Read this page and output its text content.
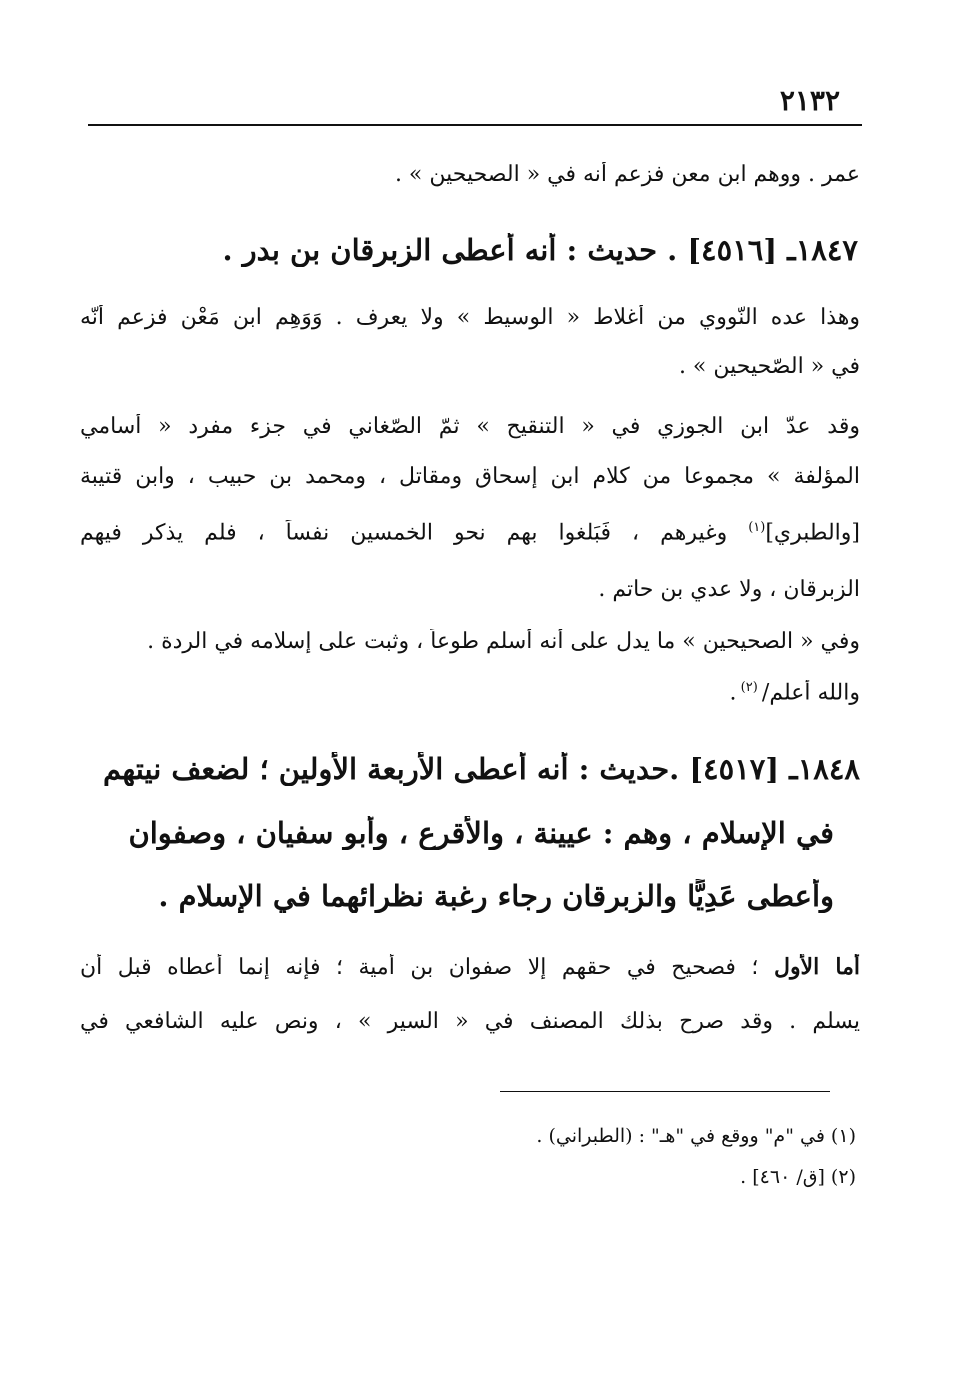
٢١٣٢
عمر . ووهم ابن معن فزعم أنه في « الصحيحين » .
١٨٤٧ـ [٤٥١٦] . حديث : أنه أعطى الزبرقان بن بدر .
وهذا عده النّووي من أغلاط « الوسيط » ولا يعرف . وَوَهِم ابن مَعْنٍ فزعم أنّه
في « الصّحيحين » .
وقد عدّ ابن الجوزي في « التنقيح » ثمّ الصّغاني في جزء مفرد « أسامي
المؤلفة » مجموعا من كلام ابن إسحاق ومقاتل ، ومحمد بن حبيب ، وابن قتيبة
[والطبري]$^{(١)}$ وغيرهم ، فَبَلغوا بهم نحو الخمسين نفساً ، فلم يذكر فيهم
الزبرقان ، ولا عدي بن حاتم .
وفي « الصحيحين » ما يدل على أنه أسلم طوعاً ، وثبت على إسلامه في الردة .
والله أعلم/ $^{(٢)}$ .
١٨٤٨ـ [٤٥١٧] .حديث : أنه أعطى الأربعة الأولين ؛ لضعف نيتهم
في الإسلام ، وهم : عيينة ، والأقرع ، وأبو سفيان ، وصفوان
وأعطى عَدِيًّا والزبرقان رجاء رغبة نظرائهما في الإسلام .
أما الأول ؛ فصحيح في حقهم إلا صفوان بن أمية ؛ فإنه إنما أعطاه قبل أن
يسلم . وقد صرح بذلك المصنف في « السير » ، ونص عليه الشافعي في
(١) في "م" ووقع في "هـ" : (الطبراني) .
(٢) [ق/ ٤٦٠] .
